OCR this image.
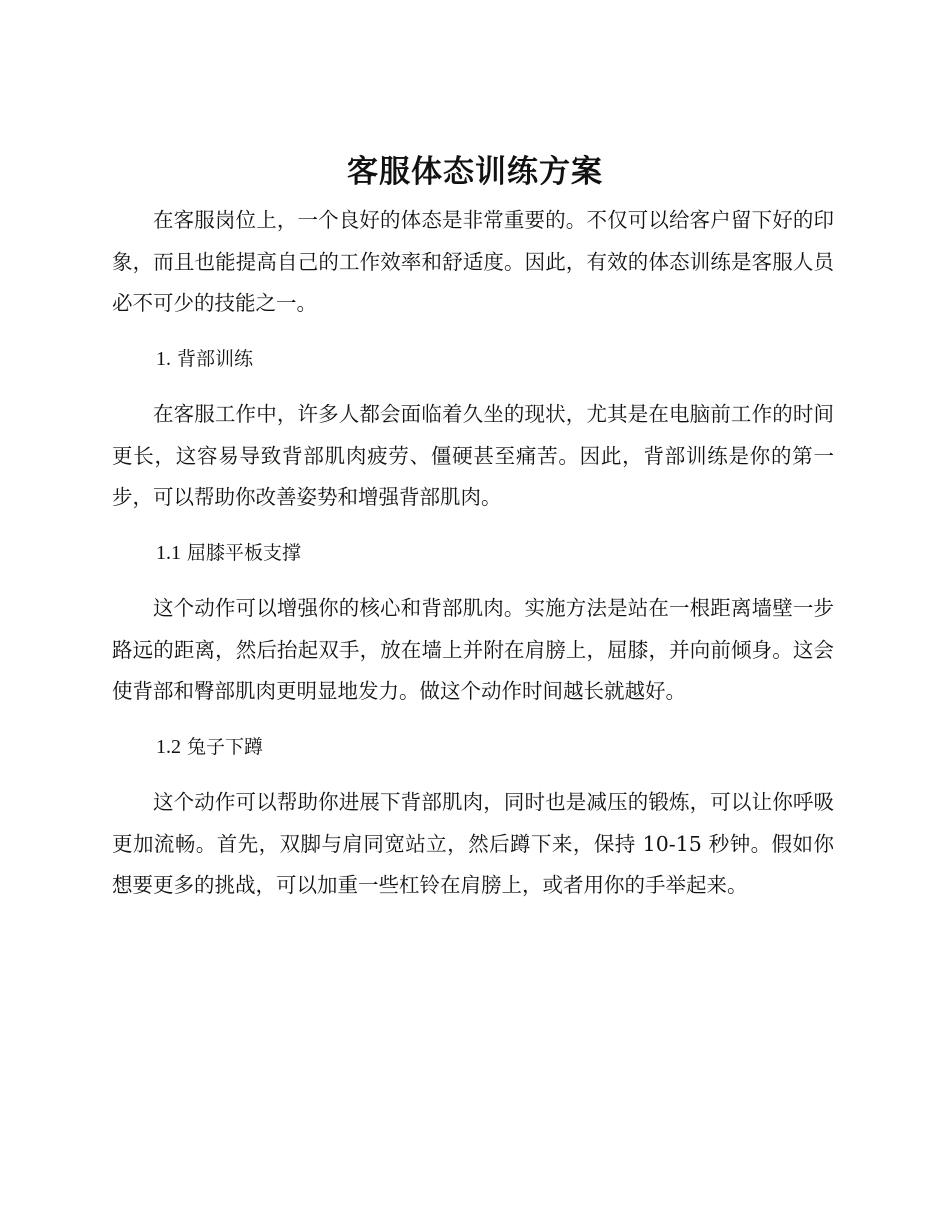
客服体态训练方案

在客服岗位上，一个良好的体态是非常重要的。不仅可以给客户留下好的印象，而且也能提高自己的工作效率和舒适度。因此，有效的体态训练是客服人员必不可少的技能之一。

1. 背部训练

在客服工作中，许多人都会面临着久坐的现状，尤其是在电脑前工作的时间更长，这容易导致背部肌肉疲劳、僵硬甚至痛苦。因此，背部训练是你的第一步，可以帮助你改善姿势和增强背部肌肉。

1.1 屈膝平板支撑

这个动作可以增强你的核心和背部肌肉。实施方法是站在一根距离墙壁一步路远的距离，然后抬起双手，放在墙上并附在肩膀上，屈膝，并向前倾身。这会使背部和臀部肌肉更明显地发力。做这个动作时间越长就越好。

1.2 兔子下蹲

这个动作可以帮助你进展下背部肌肉，同时也是减压的锻炼，可以让你呼吸更加流畅。首先，双脚与肩同宽站立，然后蹲下来，保持 10-15 秒钟。假如你想要更多的挑战，可以加重一些杠铃在肩膀上，或者用你的手举起来。
